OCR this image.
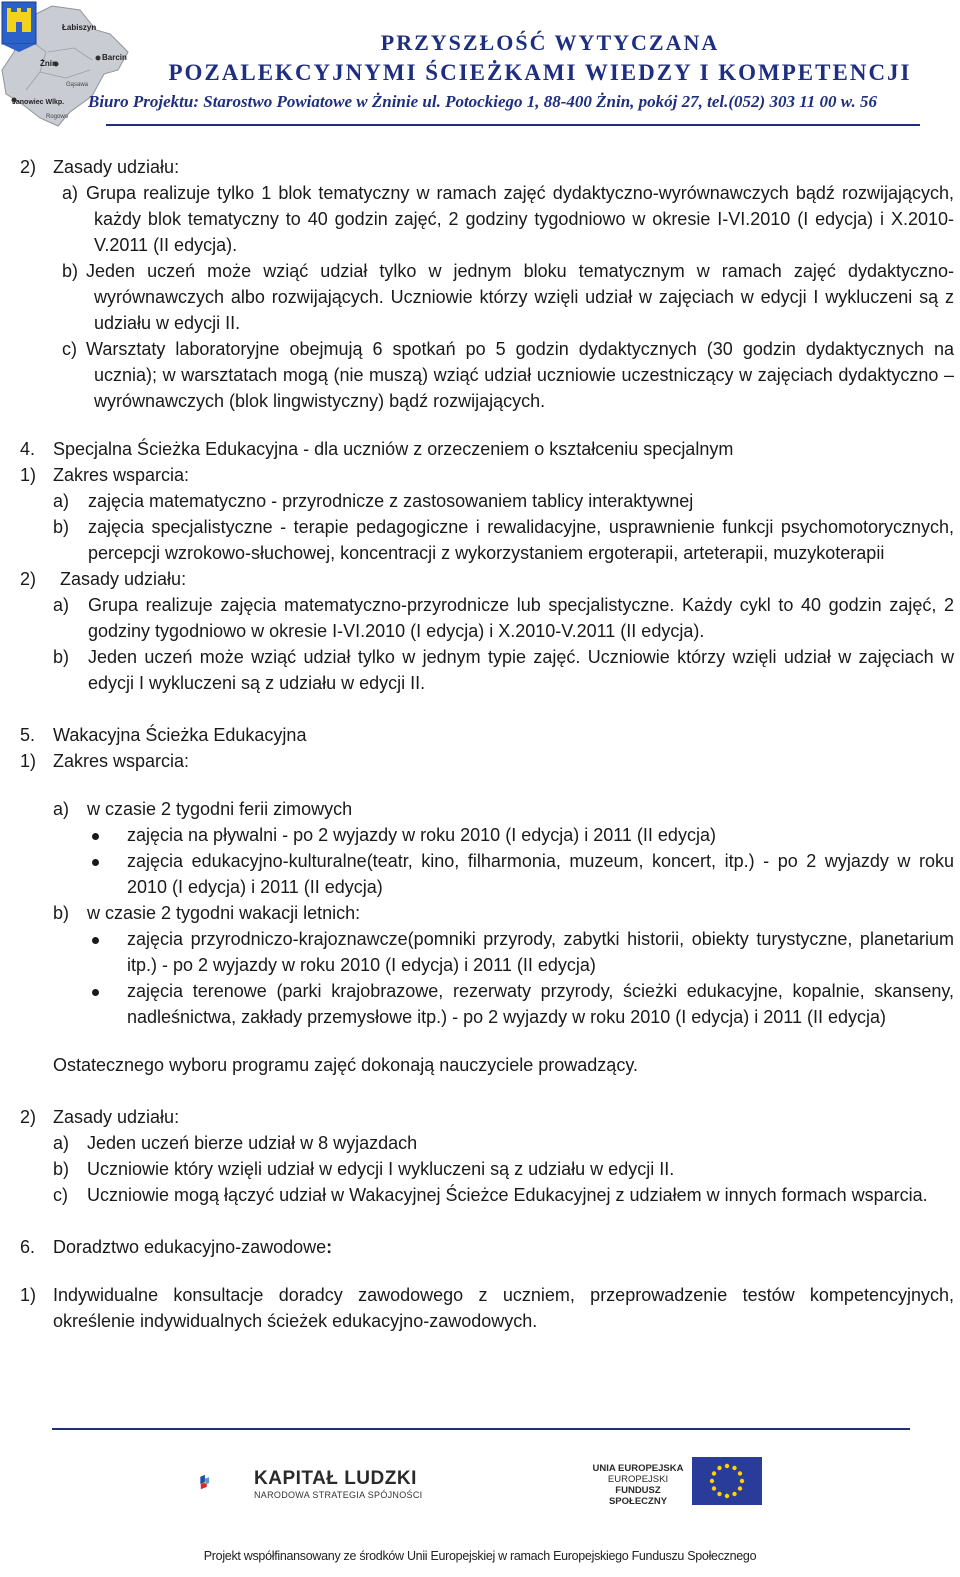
Łabiszyn
Barcin
Żnin
Gąsawa
Janowiec Wlkp.
Rogowo
PRZYSZŁOŚĆ WYTYCZANA
POZALEKCYJNYMI ŚCIEŻKAMI WIEDZY I KOMPETENCJI
Biuro Projektu: Starostwo Powiatowe w Żninie ul. Potockiego 1, 88-400 Żnin, pokój 27, tel.(052) 303 11 00 w. 56
2) Zasady udziału:
a) Grupa realizuje tylko 1 blok tematyczny w ramach zajęć dydaktyczno-wyrównawczych bądź rozwijających, każdy blok tematyczny to 40 godzin zajęć, 2 godziny tygodniowo w okresie I-VI.2010 (I edycja) i X.2010-V.2011 (II edycja).
b) Jeden uczeń może wziąć udział tylko w jednym bloku tematycznym w ramach zajęć dydaktyczno-wyrównawczych albo rozwijających. Uczniowie którzy wzięli udział w zajęciach w edycji I wykluczeni są z udziału w edycji II.
c) Warsztaty laboratoryjne obejmują 6 spotkań po 5 godzin dydaktycznych (30 godzin dydaktycznych na ucznia); w warsztatach mogą (nie muszą) wziąć udział uczniowie uczestniczący w zajęciach dydaktyczno – wyrównawczych (blok lingwistyczny) bądź rozwijających.
4. Specjalna Ścieżka Edukacyjna - dla uczniów z orzeczeniem o kształceniu specjalnym
1) Zakres wsparcia:
a) zajęcia matematyczno - przyrodnicze z zastosowaniem tablicy interaktywnej
b) zajęcia specjalistyczne - terapie pedagogiczne i rewalidacyjne, usprawnienie funkcji psychomotorycznych, percepcji wzrokowo-słuchowej, koncentracji z wykorzystaniem ergoterapii, arteterapii, muzykoterapii
2) Zasady udziału:
a) Grupa realizuje zajęcia matematyczno-przyrodnicze lub specjalistyczne. Każdy cykl to 40 godzin zajęć, 2 godziny tygodniowo w okresie I-VI.2010 (I edycja) i X.2010-V.2011 (II edycja).
b) Jeden uczeń może wziąć udział tylko w jednym typie zajęć. Uczniowie którzy wzięli udział w zajęciach w edycji I wykluczeni są z udziału w edycji II.
5. Wakacyjna Ścieżka Edukacyjna
1) Zakres wsparcia:
a) w czasie 2 tygodni ferii zimowych
zajęcia na pływalni - po 2 wyjazdy w roku 2010 (I edycja) i 2011 (II edycja)
zajęcia edukacyjno-kulturalne(teatr, kino, filharmonia, muzeum, koncert, itp.) - po 2 wyjazdy w roku 2010 (I edycja) i 2011 (II edycja)
b) w czasie 2 tygodni wakacji letnich:
zajęcia przyrodniczo-krajoznawcze(pomniki przyrody, zabytki historii, obiekty turystyczne, planetarium itp.) - po 2 wyjazdy w roku 2010 (I edycja) i 2011 (II edycja)
zajęcia terenowe (parki krajobrazowe, rezerwaty przyrody, ścieżki edukacyjne, kopalnie, skanseny, nadleśnictwa, zakłady przemysłowe itp.) - po 2 wyjazdy w roku 2010 (I edycja) i 2011 (II edycja)
Ostatecznego wyboru programu zajęć dokonają nauczyciele prowadzący.
2) Zasady udziału:
a) Jeden uczeń bierze udział w 8 wyjazdach
b) Uczniowie który wzięli udział w edycji I wykluczeni są z udziału w edycji II.
c) Uczniowie mogą łączyć udział w Wakacyjnej Ścieżce Edukacyjnej z udziałem w innych formach wsparcia.
6. Doradztwo edukacyjno-zawodowe:
1) Indywidualne konsultacje doradcy zawodowego z uczniem, przeprowadzenie testów kompetencyjnych, określenie indywidualnych ścieżek edukacyjno-zawodowych.
KAPITAŁ LUDZKI
NARODOWA STRATEGIA SPÓJNOŚCI
UNIA EUROPEJSKA
EUROPEJSKI
FUNDUSZ SPOŁECZNY
Projekt współfinansowany ze środków Unii Europejskiej w ramach Europejskiego Funduszu Społecznego
